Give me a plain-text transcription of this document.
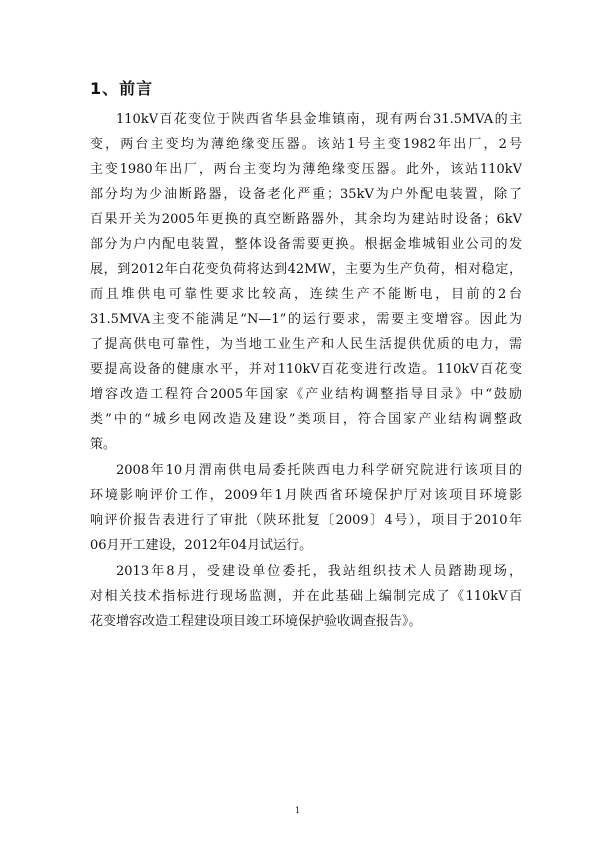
1、前言
110kV百花变位于陕西省华县金堆镇南，现有两台31.5MVA的主
变，两台主变均为薄绝缘变压器。该站1号主变1982年出厂，2号
主变1980年出厂，两台主变均为薄绝缘变压器。此外，该站110kV
部分均为少油断路器，设备老化严重；35kV为户外配电装置，除了
百果开关为2005年更换的真空断路器外，其余均为建站时设备；6kV
部分为户内配电装置，整体设备需要更换。根据金堆城钼业公司的发
展，到2012年白花变负荷将达到42MW，主要为生产负荷，相对稳定，
而且堆供电可靠性要求比较高，连续生产不能断电，目前的2台
31.5MVA主变不能满足“N—1”的运行要求，需要主变增容。因此为
了提高供电可靠性，为当地工业生产和人民生活提供优质的电力，需
要提高设备的健康水平，并对110kV百花变进行改造。110kV百花变
增容改造工程符合2005年国家《产业结构调整指导目录》中“鼓励
类”中的“城乡电网改造及建设”类项目，符合国家产业结构调整政
策。
2008年10月渭南供电局委托陕西电力科学研究院进行该项目的
环境影响评价工作，2009年1月陕西省环境保护厅对该项目环境影
响评价报告表进行了审批（陕环批复〔2009〕4号），项目于2010年
06月开工建设，2012年04月试运行。
2013年8月，受建设单位委托，我站组织技术人员踏勘现场，
对相关技术指标进行现场监测，并在此基础上编制完成了《110kV百
花变增容改造工程建设项目竣工环境保护验收调查报告》。
1
